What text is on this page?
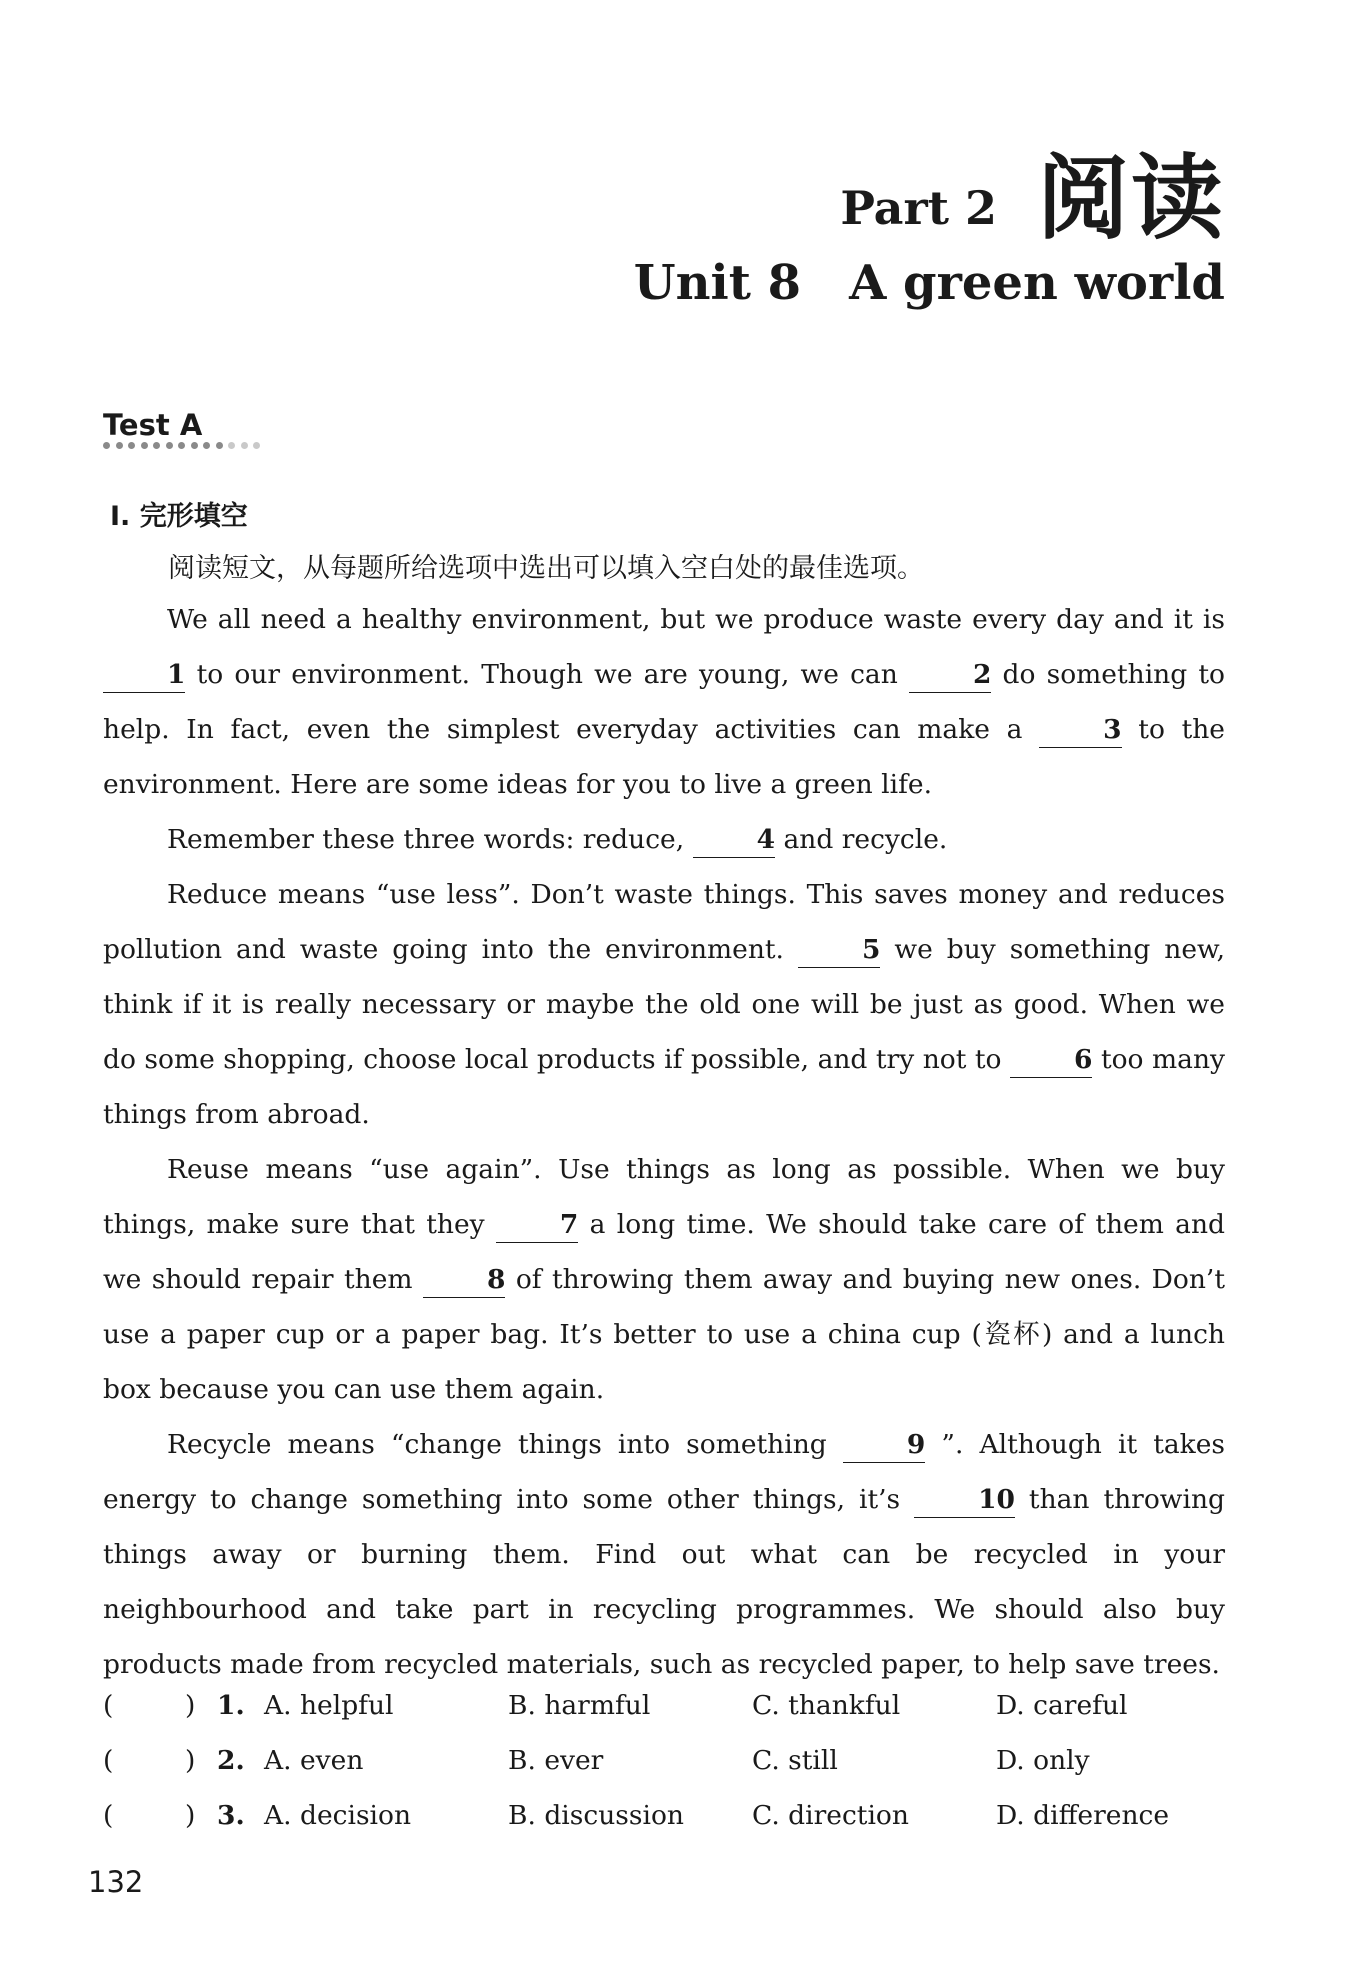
Part 2 阅读
Unit 8 A green world
Test A
I. 完形填空
阅读短文，从每题所给选项中选出可以填入空白处的最佳选项。

We all need a healthy environment, but we produce waste every day and it is 1 to our environment. Though we are young, we can	2 do something to help. In fact, even the simplest everyday activities can make a	3 to the environment. Here are some ideas for you to live a green life.

Remember these three words: reduce,	4 and recycle.

Reduce means “use less”. Don’t waste things. This saves money and reduces pollution and waste going into the environment.	5 we buy something new, think if it is really necessary or maybe the old one will be just as good. When we do some shopping, choose local products if possible, and try not to	6 too many things from abroad.

Reuse means “use again”. Use things as long as possible. When we buy things, make sure that they	7 a long time. We should take care of them and we should repair them	8 of throwing them away and buying new ones. Don’t use a paper cup or a paper bag. It’s better to use a china cup (瓷杯) and a lunch box because you can use them again.

Recycle means “change things into something	9 ”. Although it takes energy to change something into some other things, it’s	10 than throwing things away or burning them. Find out what can be recycled in your neighbourhood and take part in recycling programmes. We should also buy products made from recycled materials, such as recycled paper, to help save trees.

(	) 1. A. helpful	B. harmful	C. thankful	D. careful
(	) 2. A. even	B. ever	C. still	D. only
(	) 3. A. decision	B. discussion	C. direction	D. difference
132
